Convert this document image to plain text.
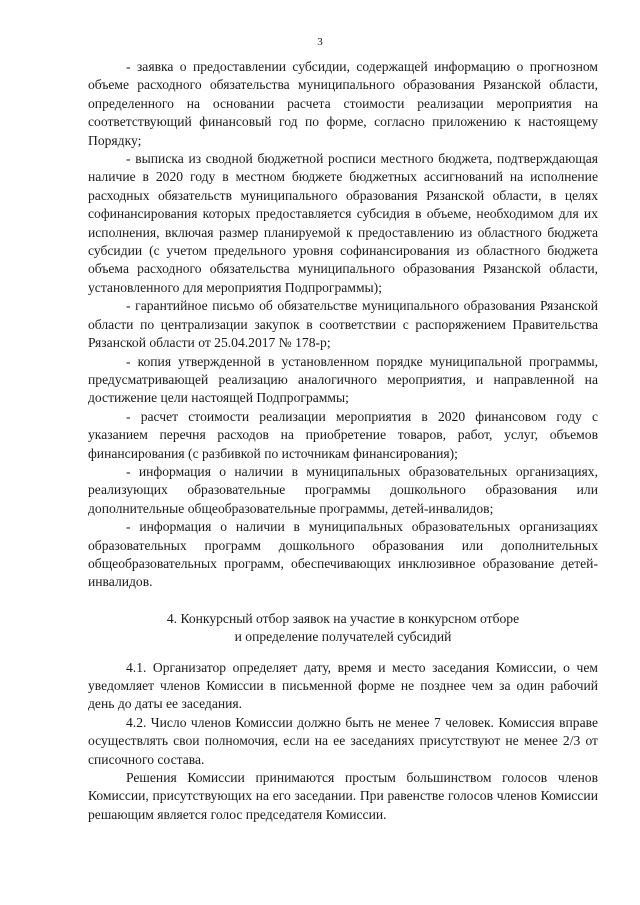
3

- заявка о предоставлении субсидии, содержащей информацию о прогнозном объеме расходного обязательства муниципального образования Рязанской области, определенного на основании расчета стоимости реализации мероприятия на соответствующий финансовый год по форме, согласно приложению к настоящему Порядку;

- выписка из сводной бюджетной росписи местного бюджета, подтверждающая наличие в 2020 году в местном бюджете бюджетных ассигнований на исполнение расходных обязательств муниципального образования Рязанской области, в целях софинансирования которых предоставляется субсидия в объеме, необходимом для их исполнения, включая размер планируемой к предоставлению из областного бюджета субсидии (с учетом предельного уровня софинансирования из областного бюджета объема расходного обязательства муниципального образования Рязанской области, установленного для мероприятия Подпрограммы);

- гарантийное письмо об обязательстве муниципального образования Рязанской области по централизации закупок в соответствии с распоряжением Правительства Рязанской области от 25.04.2017 № 178-р;

- копия утвержденной в установленном порядке муниципальной программы, предусматривающей реализацию аналогичного мероприятия, и направленной на достижение цели настоящей Подпрограммы;

- расчет стоимости реализации мероприятия в 2020 финансовом году с указанием перечня расходов на приобретение товаров, работ, услуг, объемов финансирования (с разбивкой по источникам финансирования);

- информация о наличии в муниципальных образовательных организациях, реализующих образовательные программы дошкольного образования или дополнительные общеобразовательные программы, детей-инвалидов;

- информация о наличии в муниципальных образовательных организациях образовательных программ дошкольного образования или дополнительных общеобразовательных программ, обеспечивающих инклюзивное образование детей-инвалидов.

4. Конкурсный отбор заявок на участие в конкурсном отборе
и определение получателей субсидий

4.1. Организатор определяет дату, время и место заседания Комиссии, о чем уведомляет членов Комиссии в письменной форме не позднее чем за один рабочий день до даты ее заседания.

4.2. Число членов Комиссии должно быть не менее 7 человек. Комиссия вправе осуществлять свои полномочия, если на ее заседаниях присутствуют не менее 2/3 от списочного состава.

Решения Комиссии принимаются простым большинством голосов членов Комиссии, присутствующих на его заседании. При равенстве голосов членов Комиссии решающим является голос председателя Комиссии.
